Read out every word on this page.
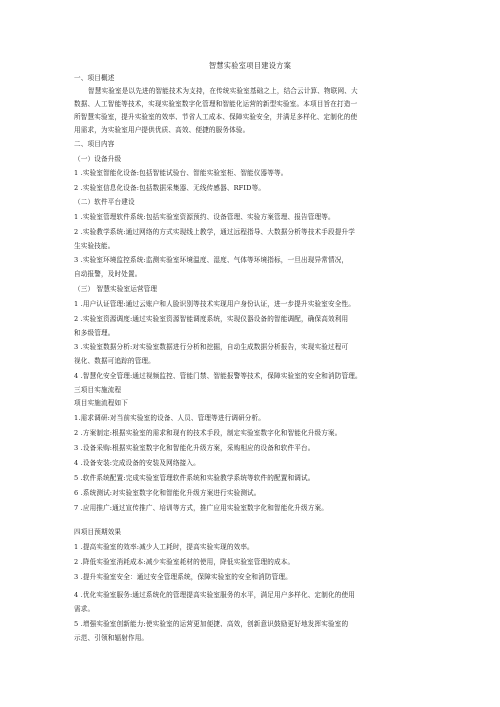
智慧实验室项目建设方案
一、项目概述
智慧实验室是以先进的智能技术为支持，在传统实验室基础之上，结合云计算、物联网、大
数据、人工智能等技术，实现实验室数字化管理和智能化运营的新型实验室。本项目旨在打造一
所智慧实验室，提升实验室的效率、节省人工成本、保障实验安全，并满足多样化、定制化的使
用需求，为实验室用户提供优质、高效、便捷的服务体验。
二、项目内容
（一）设备升级
1 .实验室智能化设备:包括智能试验台、智能实验室柜、智能仪器等等。
2 .实验室信息化设备:包括数据采集器、无线传感器、RFID等。
（二）软件平台建设
1 .实验室管理软件系统:包括实验室资源预约、设备管理、实验方案管理、报告管理等。
2 .实验教学系统:通过网络的方式实现线上教学，通过远程指导、大数据分析等技术手段提升学
生实验技能。
3 .实验室环境监控系统:监测实验室环境温度、湿度、气体等环境指标，一旦出现异常情况，
自动报警，及时处置。
（三） 智慧实验室运营管理
1 .用户认证管理:通过云账户和人脸识别等技术实现用户身份认证，进一步提升实验室安全性。
2 .实验室资源调度:通过实验室资源智能调度系统，实现仪器设备的智能调配，确保高效利用
和多级管理。
3 .实验室数据分析:对实验室数据进行分析和挖掘，自动生成数据分析报告，实现实验过程可
视化、数据可追踪的管理。
4 .智慧化安全管理:通过视频监控、管能门禁、智能报警等技术，保障实验室的安全和消防管理。
三项目实施流程
项目实施流程如下
1.需求调研:对当前实验室的设备、人员、管理等进行调研分析。
2 .方案制定:根据实验室的需求和现有的技术手段，制定实验室数字化和智能化升级方案。
3 .设备采购:根据实验室数字化和智能化升级方案，采购相应的设备和软件平台。
4 .设备安装:完成设备的安装及网络接入。
5 .软件系统配置:完成实验室管理软件系统和实验教学系统等软件的配置和调试。
6 .系统测试:对实验室数字化和智能化升级方案进行实验测试。
7 .应用推广:通过宣传推广、培训等方式，推广应用实验室数字化和智能化升级方案。
四项目预期效果
1 .提高实验室的效率:减少人工耗时，提高实验实现的效率。
2 .降低实验室消耗成本:减少实验室耗材的使用，降低实验室管理的成本。
3 .提升实验室安全：通过安全管理系统，保障实验室的安全和消防管理。
4 .优化实验室服务:通过系统化的管理提高实验室服务的水平，满足用户多样化、定制化的使用
需求。
5 .增强实验室创新能力:使实验室的运营更加便捷、高效，创新意识鼓励更好地发挥实验室的
示范、引领和辐射作用。
